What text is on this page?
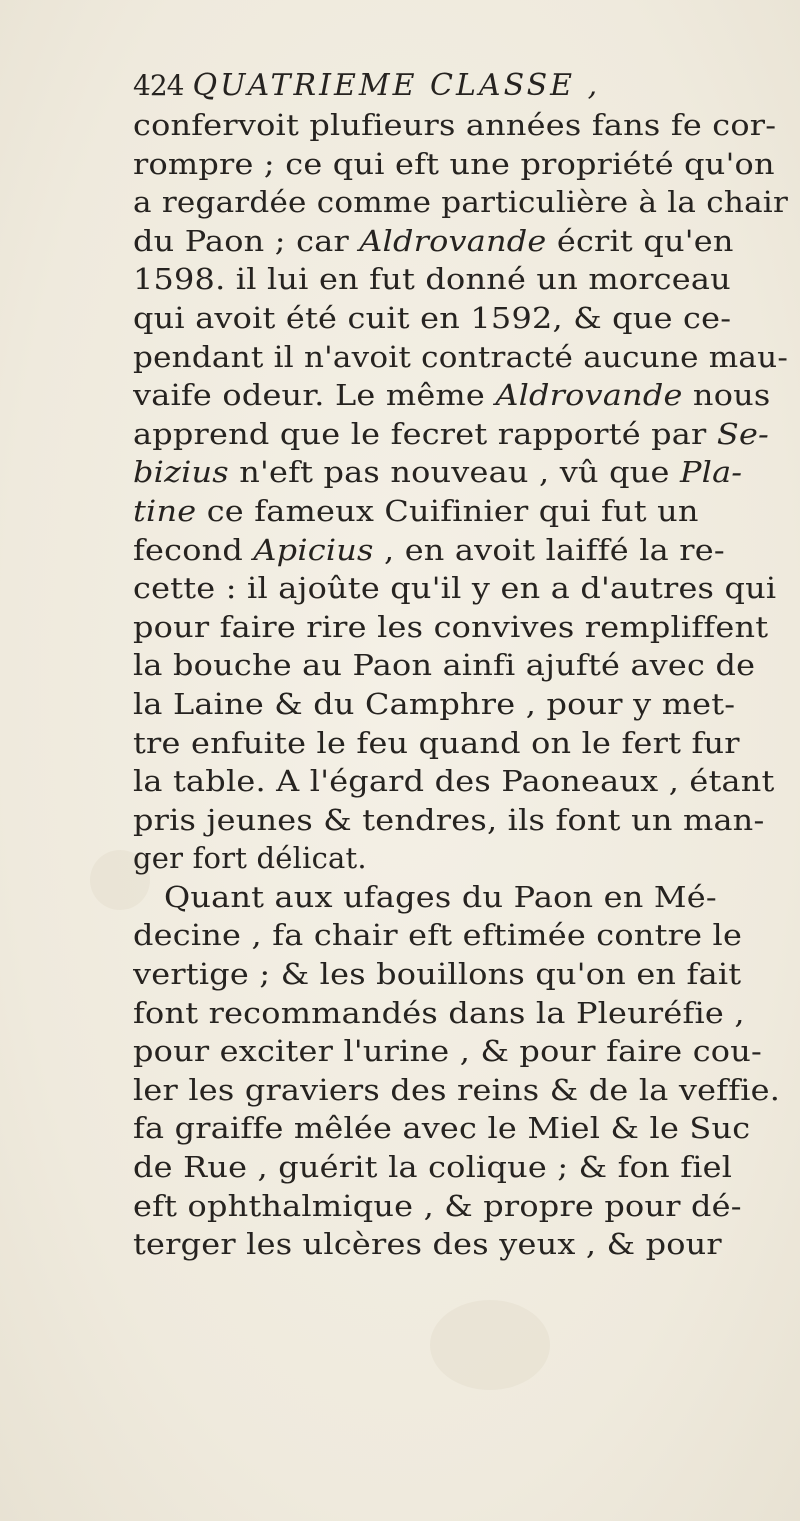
424 QUATRIEME CLASSE ,
confervoit plufieurs années fans fe cor-
rompre ; ce qui eft une propriété qu'on
a regardée comme particulière à la chair
du Paon ; car Aldrovande écrit qu'en
1598. il lui en fut donné un morceau
qui avoit été cuit en 1592, & que ce-
pendant il n'avoit contracté aucune mau-
vaife odeur. Le même Aldrovande nous
apprend que le fecret rapporté par Se-
bizius n'eft pas nouveau , vû que Pla-
tine ce fameux Cuifinier qui fut un
fecond Apicius , en avoit laiffé la re-
cette : il ajoûte qu'il y en a d'autres qui
pour faire rire les convives rempliffent
la bouche au Paon ainfi ajufté avec de
la Laine & du Camphre , pour y met-
tre enfuite le feu quand on le fert fur
la table. A l'égard des Paoneaux , étant
pris jeunes & tendres, ils font un man-
ger fort délicat.
Quant aux ufages du Paon en Mé-
decine , fa chair eft eftimée contre le
vertige ; & les bouillons qu'on en fait
font recommandés dans la Pleuréfie ,
pour exciter l'urine , & pour faire cou-
ler les graviers des reins & de la veffie.
fa graiffe mêlée avec le Miel & le Suc
de Rue , guérit la colique ; & fon fiel
eft ophthalmique , & propre pour dé-
terger les ulcères des yeux , & pour
